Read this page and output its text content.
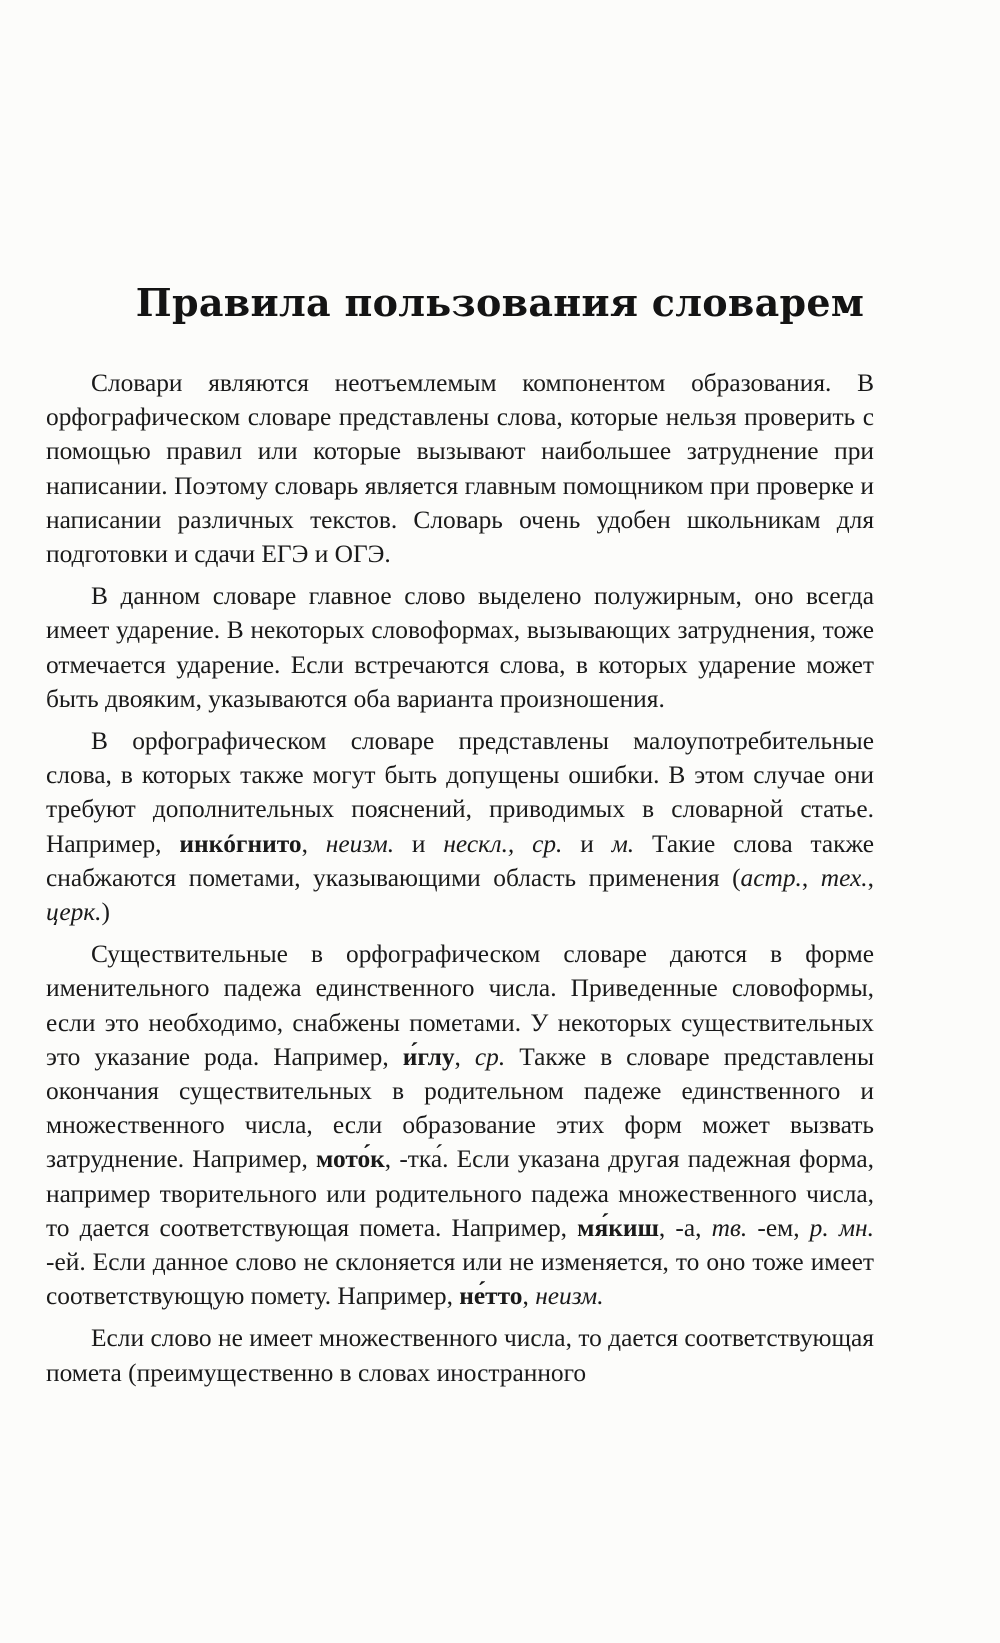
Правила пользования словарем

Словари являются неотъемлемым компонентом образования. В орфографическом словаре представлены слова, которые нельзя проверить с помощью правил или которые вызывают наибольшее затруднение при написании. Поэтому словарь является главным помощником при проверке и написании различных текстов. Словарь очень удобен школьникам для подготовки и сдачи ЕГЭ и ОГЭ.

В данном словаре главное слово выделено полужирным, оно всегда имеет ударение. В некоторых словоформах, вызывающих затруднения, тоже отмечается ударение. Если встречаются слова, в которых ударение может быть двояким, указываются оба варианта произношения.

В орфографическом словаре представлены малоупотребительные слова, в которых также могут быть допущены ошибки. В этом случае они требуют дополнительных пояснений, приводимых в словарной статье. Например, инкóгнито, неизм. и нескл., ср. и м. Такие слова также снабжаются пометами, указывающими область применения (астр., тех., церк.)

Существительные в орфографическом словаре даются в форме именительного падежа единственного числа. Приведенные словоформы, если это необходимо, снабжены пометами. У некоторых существительных это указание рода. Например, и́глу, ср. Также в словаре представлены окончания существительных в родительном падеже единственного и множественного числа, если образование этих форм может вызвать затруднение. Например, мото́к, -тка́. Если указана другая падежная форма, например творительного или родительного падежа множественного числа, то дается соответствующая помета. Например, мя́киш, -а, тв. -ем, р. мн. -ей. Если данное слово не склоняется или не изменяется, то оно тоже имеет соответствующую помету. Например, не́тто, неизм.

Если слово не имеет множественного числа, то дается соответствующая помета (преимущественно в словах иностранного
